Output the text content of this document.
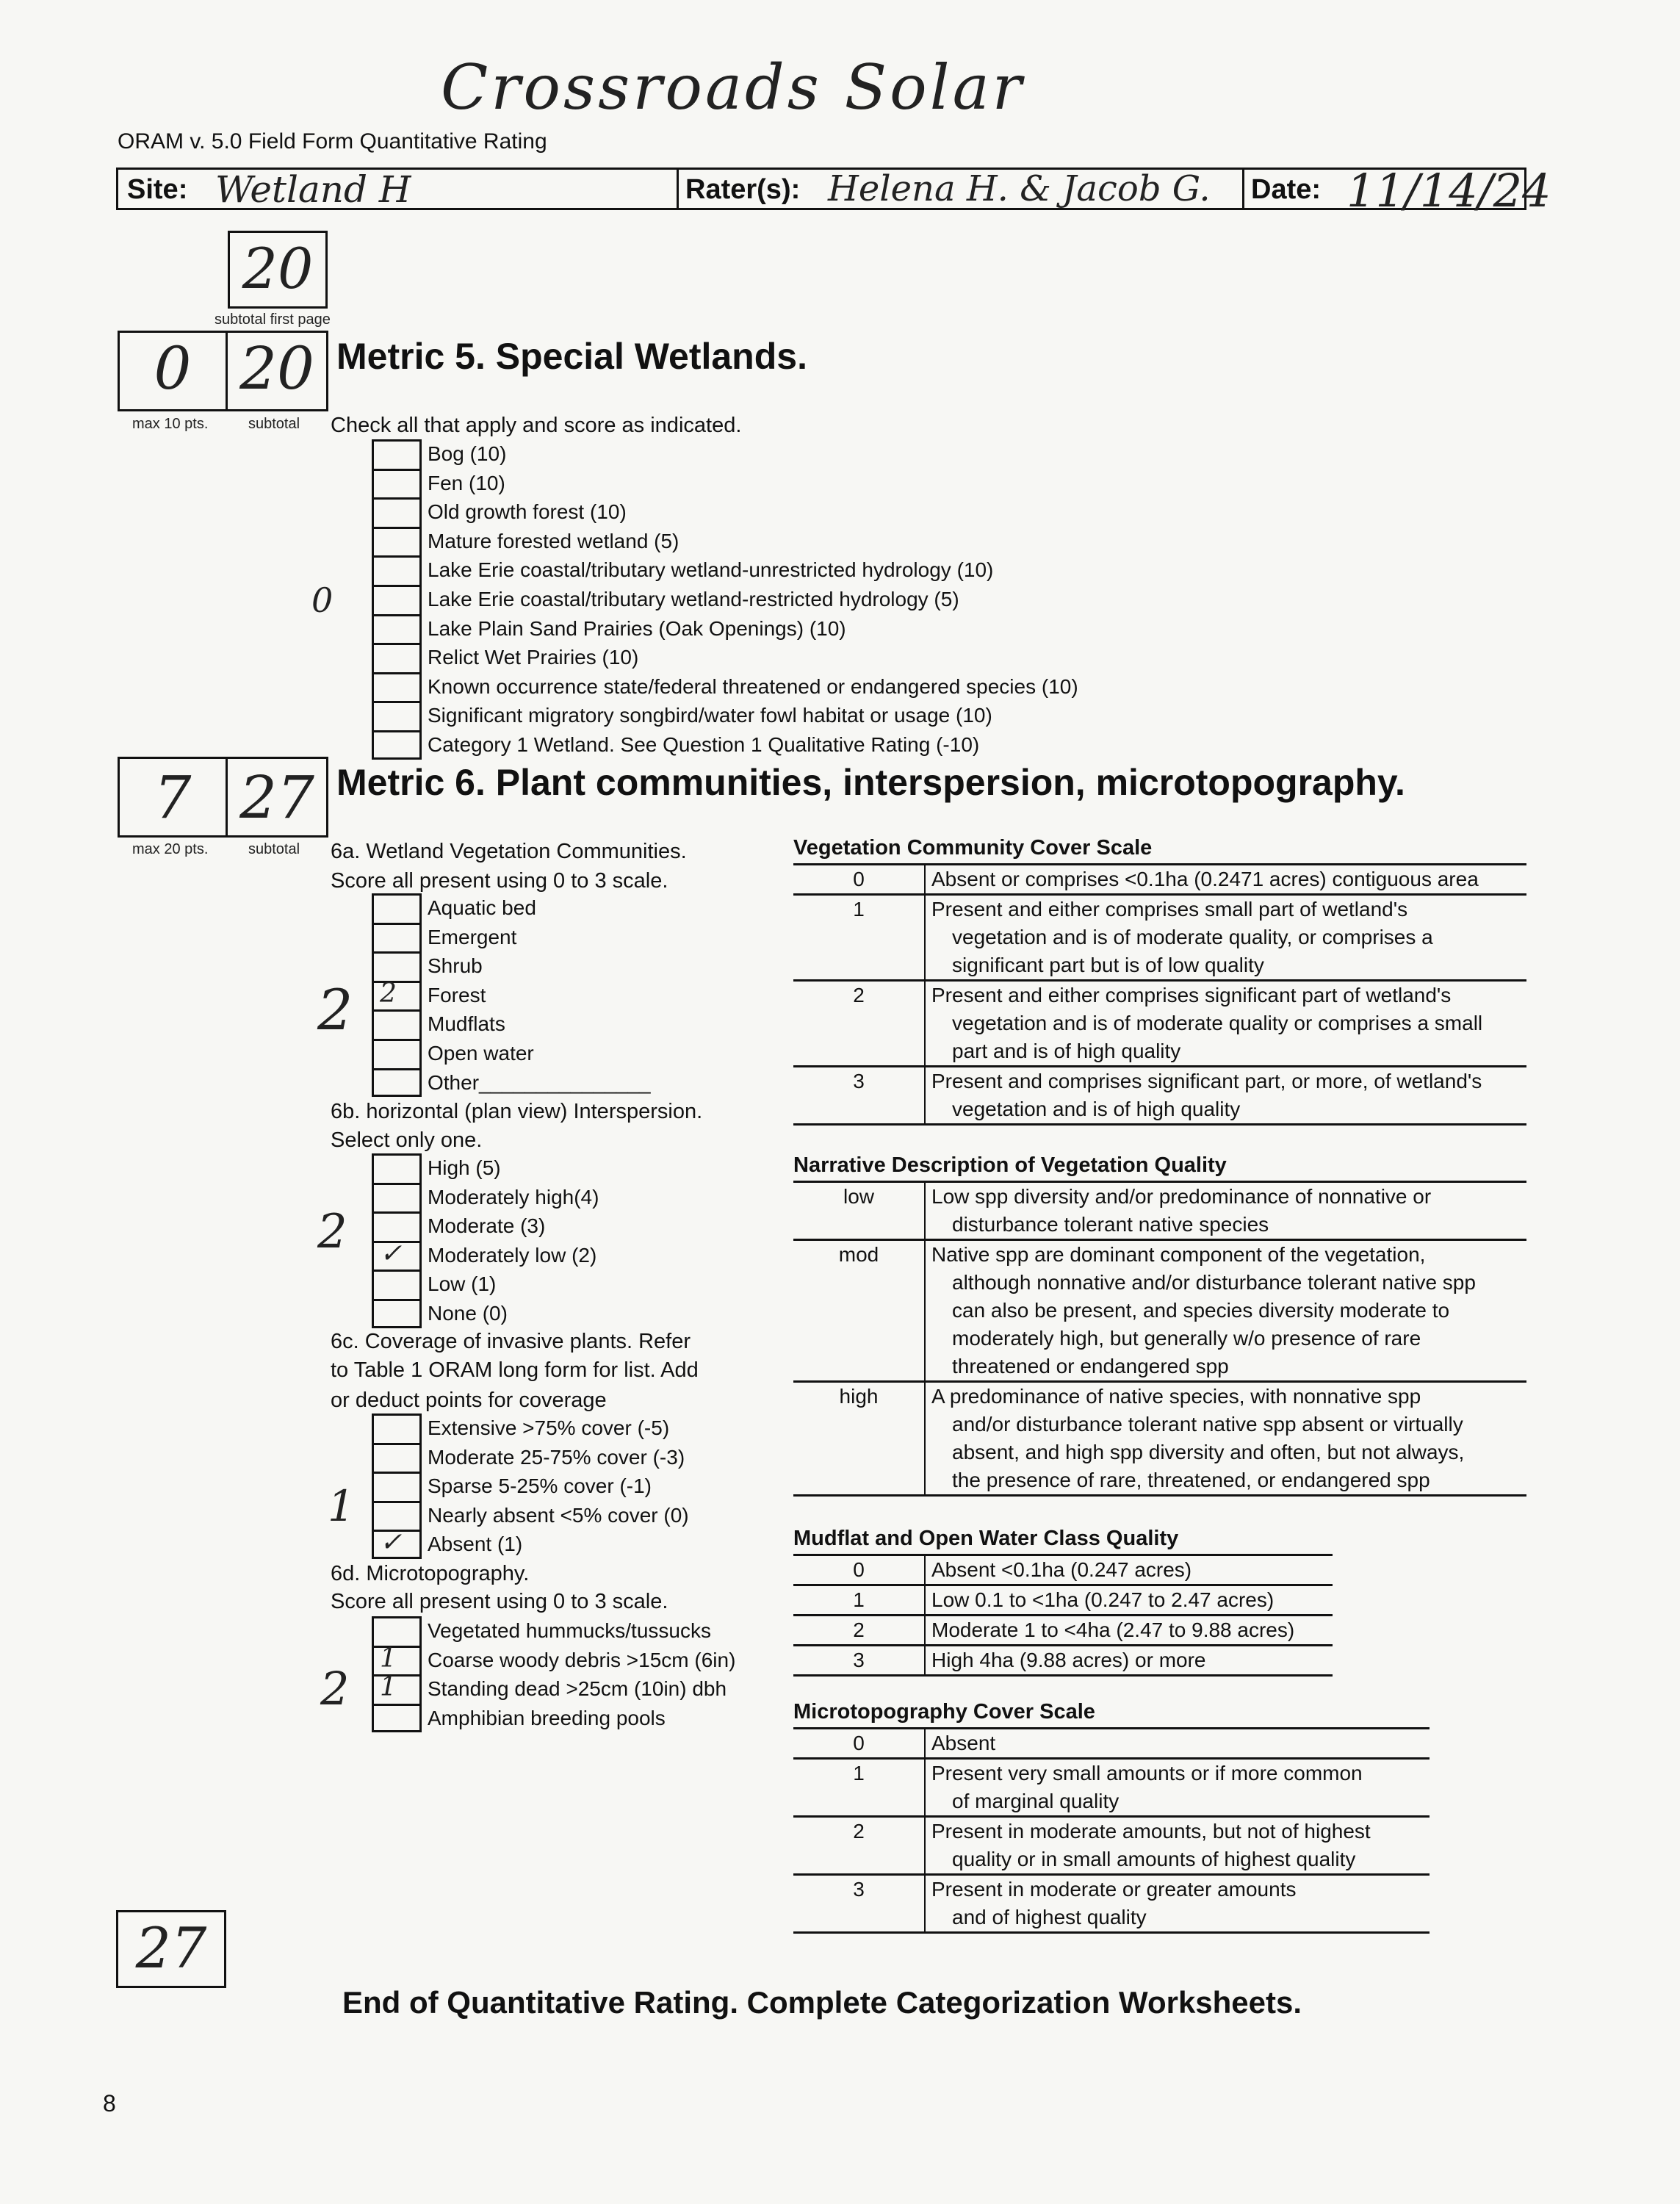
Crossroads Solar
ORAM v. 5.0 Field Form Quantitative Rating
Site: Wetland H	Rater(s): Helena H. & Jacob G. Date: 11/14/24
20
subtotal first page
0 20
max 10 pts.	subtotal
Metric 5. Special Wetlands.
Check all that apply and score as indicated.
0
Bog (10)
Fen (10)
Old growth forest (10)
Mature forested wetland (5)
Lake Erie coastal/tributary wetland-unrestricted hydrology (10)
Lake Erie coastal/tributary wetland-restricted hydrology (5)
Lake Plain Sand Prairies (Oak Openings) (10)
Relict Wet Prairies (10)
Known occurrence state/federal threatened or endangered species (10)
Significant migratory songbird/water fowl habitat or usage (10)
Category 1 Wetland. See Question 1 Qualitative Rating (-10)
7 27
max 20 pts.	subtotal
Metric 6. Plant communities, interspersion, microtopography.
6a. Wetland Vegetation Communities.
Score all present using 0 to 3 scale.
2
Aquatic bed
Emergent
Shrub
2 Forest
Mudflats
Open water
Other_______________
6b. horizontal (plan view) Interspersion.
Select only one.
2
High (5)
Moderately high(4)
Moderate (3)
✓ Moderately low (2)
Low (1)
None (0)
6c. Coverage of invasive plants. Refer
to Table 1 ORAM long form for list. Add
or deduct points for coverage
1
Extensive >75% cover (-5)
Moderate 25-75% cover (-3)
Sparse 5-25% cover (-1)
Nearly absent <5% cover (0)
✓ Absent (1)
6d. Microtopography.
Score all present using 0 to 3 scale.
2
Vegetated hummucks/tussucks
1 Coarse woody debris >15cm (6in)
1 Standing dead >25cm (10in) dbh
Amphibian breeding pools
Vegetation Community Cover Scale
0	Absent or comprises <0.1ha (0.2471 acres) contiguous area

1	Present and either comprises small part of wetland's
vegetation and is of moderate quality, or comprises a
significant part but is of low quality

2	Present and either comprises significant part of wetland's
vegetation and is of moderate quality or comprises a small
part and is of high quality

3	Present and comprises significant part, or more, of wetland's
vegetation and is of high quality
Narrative Description of Vegetation Quality
low	Low spp diversity and/or predominance of nonnative or
disturbance tolerant native species

mod	Native spp are dominant component of the vegetation,
although nonnative and/or disturbance tolerant native spp
can also be present, and species diversity moderate to
moderately high, but generally w/o presence of rare
threatened or endangered spp

high	A predominance of native species, with nonnative spp
and/or disturbance tolerant native spp absent or virtually
absent, and high spp diversity and often, but not always,
the presence of rare, threatened, or endangered spp
Mudflat and Open Water Class Quality
0	Absent <0.1ha (0.247 acres)

1	Low 0.1 to <1ha (0.247 to 2.47 acres)

2	Moderate 1 to <4ha (2.47 to 9.88 acres)

3	High 4ha (9.88 acres) or more
Microtopography Cover Scale
0	Absent

1	Present very small amounts or if more common
of marginal quality

2	Present in moderate amounts, but not of highest
quality or in small amounts of highest quality

3	Present in moderate or greater amounts
and of highest quality
27
End of Quantitative Rating. Complete Categorization Worksheets.
8
